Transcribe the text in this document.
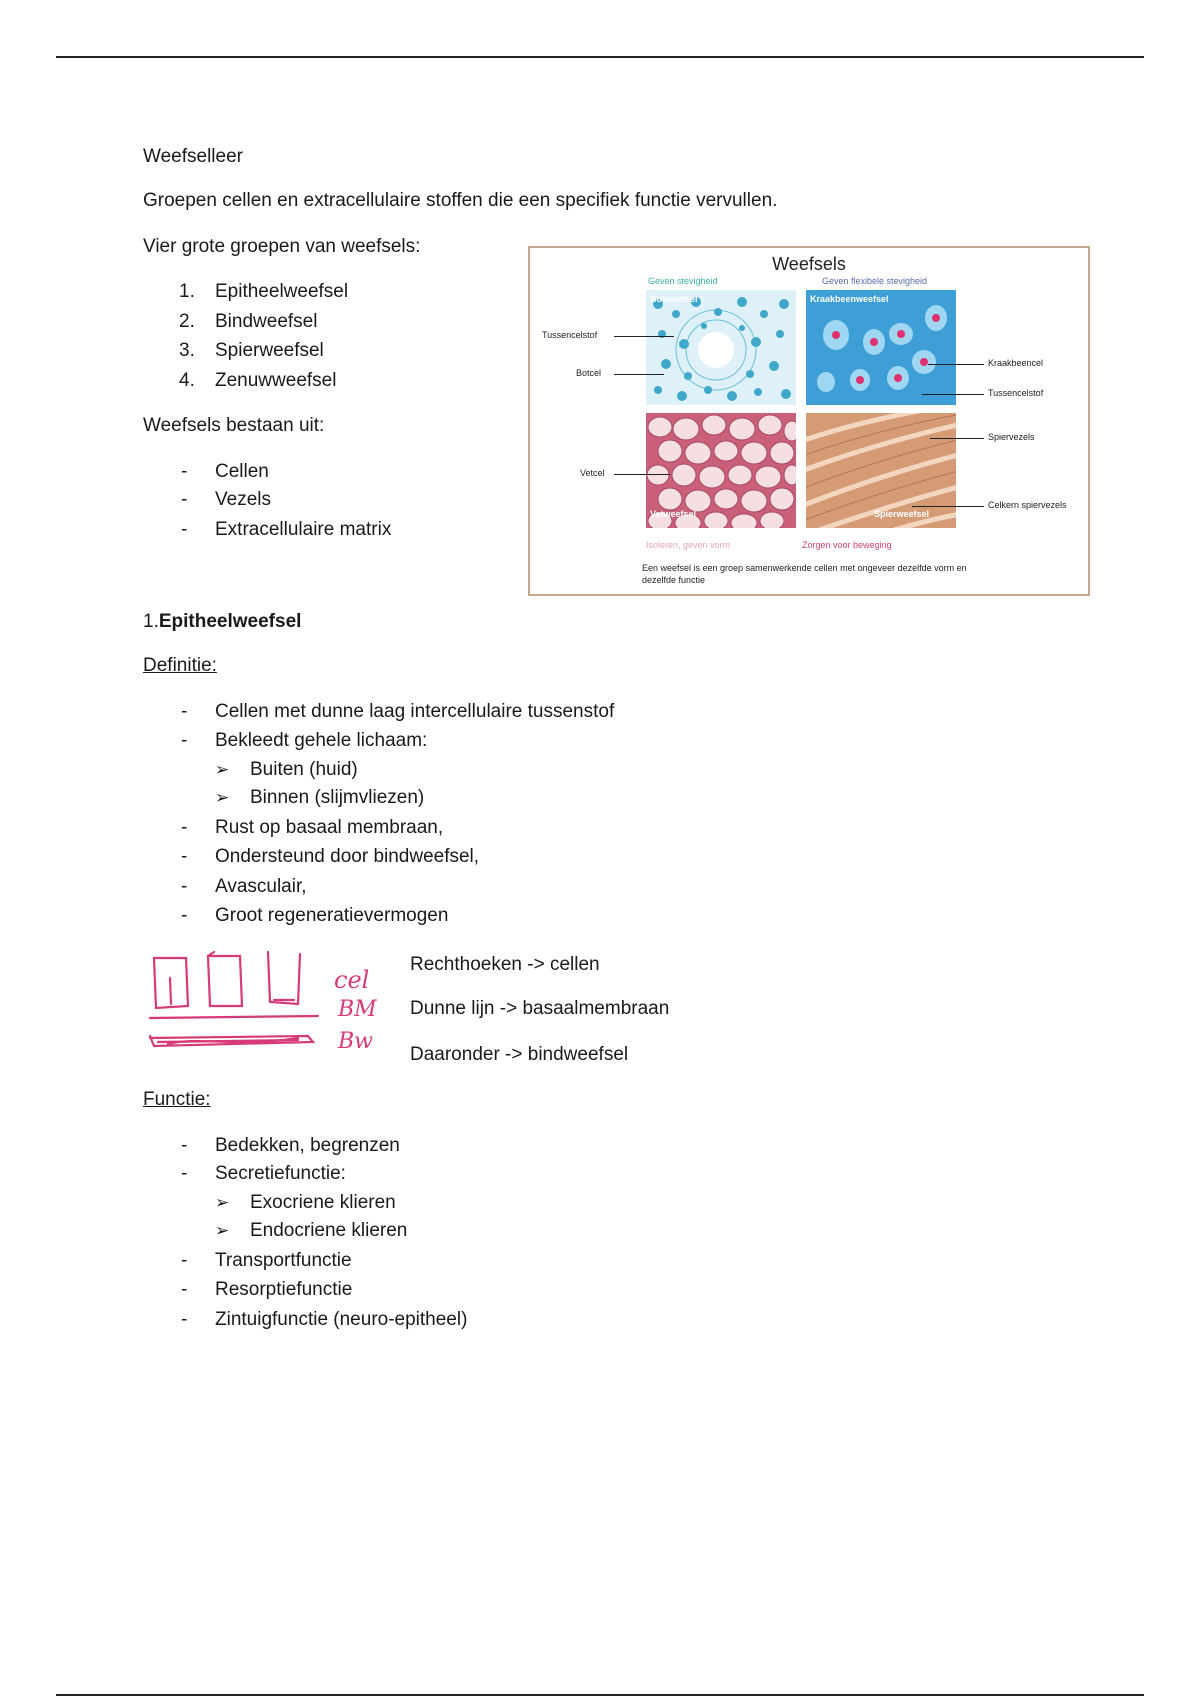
Weefselleer
Groepen cellen en extracellulaire stoffen die een specifiek functie vervullen.
Vier grote groepen van weefsels:
1. Epitheelweefsel
2. Bindweefsel
3. Spierweefsel
4. Zenuwweefsel
Weefsels bestaan uit:
- Cellen
- Vezels
- Extracellulaire matrix
Weefsels
Geven stevigheid	Geven flexibele stevigheid
Botweefsel	Kraakbeenweefsel
Vetweefsel	Spierweefsel
Tussencelstof
Botcel
Vetcel
Kraakbeencel
Tussencelstof
Spiervezels
Celkern spiervezels
Isoleren, geven vorm	Zorgen voor beweging
Een weefsel is een groep samenwerkende cellen met ongeveer dezelfde vorm en dezelfde functie
1.Epitheelweefsel
Definitie:
- Cellen met dunne laag intercellulaire tussenstof
- Bekleedt gehele lichaam:
➢ Buiten (huid)
➢ Binnen (slijmvliezen)
- Rust op basaal membraan,
- Ondersteund door bindweefsel,
- Avasculair,
- Groot regeneratievermogen
cel
BM
Bw
Rechthoeken -> cellen
Dunne lijn -> basaalmembraan
Daaronder -> bindweefsel
Functie:
- Bedekken, begrenzen
- Secretiefunctie:
➢ Exocriene klieren
➢ Endocriene klieren
- Transportfunctie
- Resorptiefunctie
- Zintuigfunctie (neuro-epitheel)
